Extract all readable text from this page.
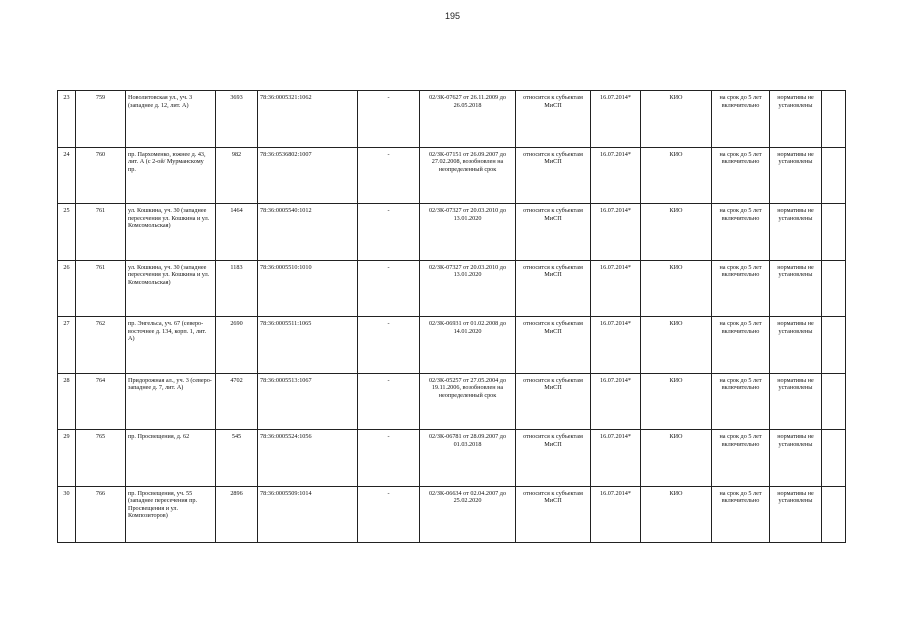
195
23	759	Новолитовская ул., уч. 3 (западнее д. 12, лит. А)	3693	78:36:0005321:1062	-	02/ЗК-07627 от 26.11.2009 до 26.05.2018	относится к субъектам МиСП	16.07.2014*	КИО	на срок до 5 лет включительно	нормативы не установлены	
24	760	пр. Пархоменко, южнее д. 43, лит. А (с 2-ой/ Мурманскому пр.	982	78:36:0536802:1007	-	02/ЗК-07151 от 26.09.2007 до 27.02.2008, возобновлен на неопределенный срок	относится к субъектам МиСП	16.07.2014*	КИО	на срок до 5 лет включительно	нормативы не установлены	
25	761	ул. Кошкина, уч. 30 (западнее пересечения ул. Кошкина и ул. Комсомольская)	1464	78:36:0005540:1012	-	02/ЗК-07327 от 20.03.2010 до 13.01.2020	относится к субъектам МиСП	16.07.2014*	КИО	на срок до 5 лет включительно	нормативы не установлены	
26	761	ул. Кошкина, уч. 30 (западнее пересечения ул. Кошкина и ул. Комсомольская)	1183	78:36:0005510:1010	-	02/ЗК-07327 от 20.03.2010 до 13.01.2020	относится к субъектам МиСП	16.07.2014*	КИО	на срок до 5 лет включительно	нормативы не установлены	
27	762	пр. Энгельса, уч. 67 (северо-восточнее д. 134, корп. 1, лит. А)	2690	78:36:0005511:1065	-	02/ЗК-06931 от 01.02.2008 до 14.01.2020	относится к субъектам МиСП	16.07.2014*	КИО	на срок до 5 лет включительно	нормативы не установлены	
28	764	Придорожная ал., уч. 3 (северо-западнее д. 7, лит. А)	4702	78:36:0005513:1067	-	02/ЗК-05257 от 27.05.2004 до 19.11.2006, возобновлен на неопределенный срок	относится к субъектам МиСП	16.07.2014*	КИО	на срок до 5 лет включительно	нормативы не установлены	
29	765	пр. Просвещения, д. 62	545	78:36:0005524:1056	-	02/ЗК-06781 от 28.09.2007 до 01.03.2018	относится к субъектам МиСП	16.07.2014*	КИО	на срок до 5 лет включительно	нормативы не установлены	
30	766	пр. Просвещения, уч. 55 (западнее пересечения пр. Просвещения и ул. Композиторов)	2896	78:36:0005509:1014	-	02/ЗК-06634 от 02.04.2007 до 25.02.2020	относится к субъектам МиСП	16.07.2014*	КИО	на срок до 5 лет включительно	нормативы не установлены	
